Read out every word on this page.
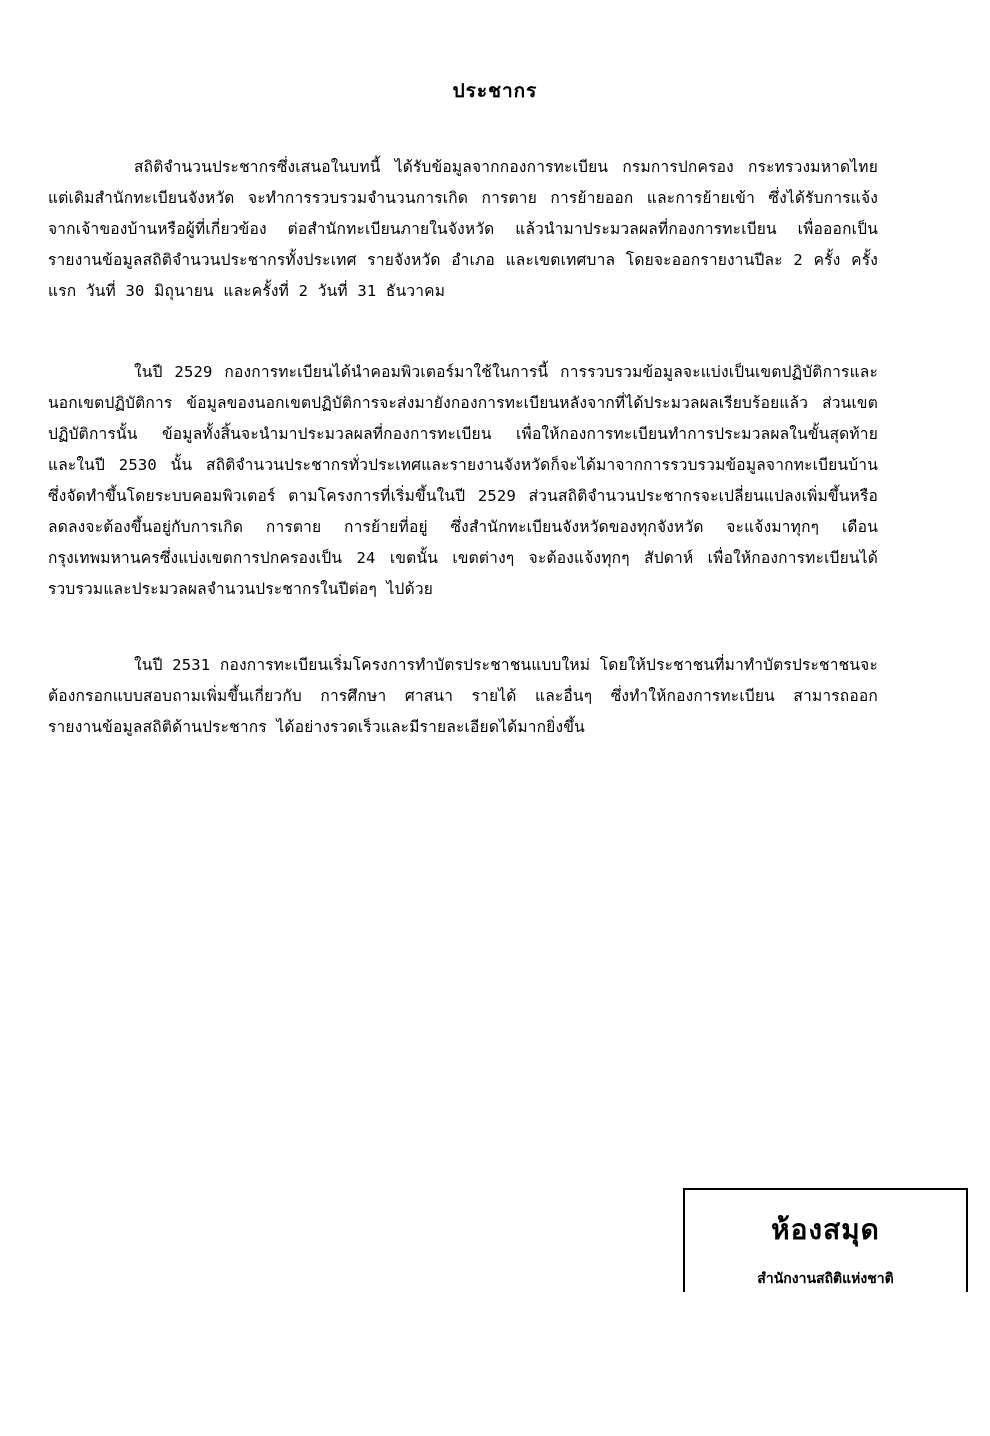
ประชากร

สถิติจำนวนประชากรซึ่งเสนอในบทนี้ ได้รับข้อมูลจากกองการทะเบียน กรมการปกครอง กระทรวงมหาดไทย แต่เดิมสำนักทะเบียนจังหวัด จะทำการรวบรวมจำนวนการเกิด การตาย การย้ายออก และการย้ายเข้า ซึ่งได้รับการแจ้งจากเจ้าของบ้านหรือผู้ที่เกี่ยวข้อง ต่อสำนักทะเบียนภายในจังหวัด แล้วนำมาประมวลผลที่กองการทะเบียน เพื่อออกเป็นรายงานข้อมูลสถิติจำนวนประชากรทั้งประเทศ รายจังหวัด อำเภอ และเขตเทศบาล โดยจะออกรายงานปีละ 2 ครั้ง ครั้งแรก วันที่ 30 มิถุนายน และครั้งที่ 2 วันที่ 31 ธันวาคม

ในปี 2529 กองการทะเบียนได้นำคอมพิวเตอร์มาใช้ในการนี้ การรวบรวมข้อมูลจะแบ่งเป็นเขตปฏิบัติการและนอกเขตปฏิบัติการ ข้อมูลของนอกเขตปฏิบัติการจะส่งมายังกองการทะเบียนหลังจากที่ได้ประมวลผลเรียบร้อยแล้ว ส่วนเขตปฏิบัติการนั้น ข้อมูลทั้งสิ้นจะนำมาประมวลผลที่กองการทะเบียน เพื่อให้กองการทะเบียนทำการประมวลผลในขั้นสุดท้าย และในปี 2530 นั้น สถิติจำนวนประชากรทั่วประเทศและรายงานจังหวัดก็จะได้มาจากการรวบรวมข้อมูลจากทะเบียนบ้าน ซึ่งจัดทำขึ้นโดยระบบคอมพิวเตอร์ ตามโครงการที่เริ่มขึ้นในปี 2529 ส่วนสถิติจำนวนประชากรจะเปลี่ยนแปลงเพิ่มขึ้นหรือลดลงจะต้องขึ้นอยู่กับการเกิด การตาย การย้ายที่อยู่ ซึ่งสำนักทะเบียนจังหวัดของทุกจังหวัด จะแจ้งมาทุกๆ เดือน กรุงเทพมหานครซึ่งแบ่งเขตการปกครองเป็น 24 เขตนั้น เขตต่างๆ จะต้องแจ้งทุกๆ สัปดาห์ เพื่อให้กองการทะเบียนได้รวบรวมและประมวลผลจำนวนประชากรในปีต่อๆ ไปด้วย

ในปี 2531 กองการทะเบียนเริ่มโครงการทำบัตรประชาชนแบบใหม่ โดยให้ประชาชนที่มาทำบัตรประชาชนจะต้องกรอกแบบสอบถามเพิ่มขึ้นเกี่ยวกับ การศึกษา ศาสนา รายได้ และอื่นๆ ซึ่งทำให้กองการทะเบียน สามารถออกรายงานข้อมูลสถิติด้านประชากร ได้อย่างรวดเร็วและมีรายละเอียดได้มากยิ่งขึ้น

ห้องสมุด
สำนักงานสถิติแห่งชาติ
